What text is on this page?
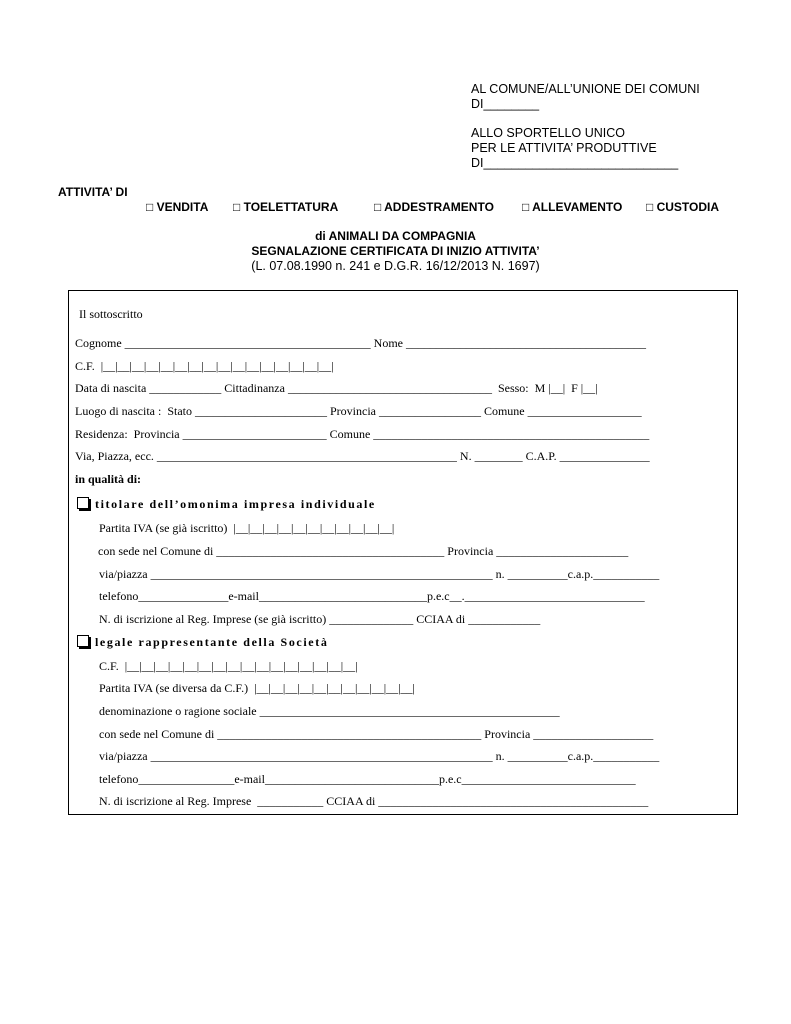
AL COMUNE/ALL’UNIONE DEI COMUNI
DI________
ALLO SPORTELLO UNICO
PER LE ATTIVITA’ PRODUTTIVE
DI____________________________
ATTIVITA’ DI
□ VENDITA □ TOELETTATURA	□ ADDESTRAMENTO □ ALLEVAMENTO □ CUSTODIA
di ANIMALI DA COMPAGNIA
SEGNALAZIONE CERTIFICATA DI INIZIO ATTIVITA’
(L. 07.08.1990 n. 241 e D.G.R. 16/12/2013 N. 1697)
Il sottoscritto
Cognome _________________________________________ Nome ________________________________________
C.F.  |__|__|__|__|__|__|__|__|__|__|__|__|__|__|__|__|
Data di nascita ____________ Cittadinanza __________________________________  Sesso:  M |__|  F |__|
Luogo di nascita :  Stato ______________________ Provincia _________________ Comune ___________________
Residenza:  Provincia ________________________ Comune ______________________________________________
Via, Piazza, ecc. __________________________________________________ N. ________ C.A.P. _______________
in qualità di:
titolare dell’omonima impresa individuale
Partita IVA (se già iscritto)  |__|__|__|__|__|__|__|__|__|__|__|
con sede nel Comune di ______________________________________ Provincia ______________________
via/piazza _________________________________________________________ n. __________c.a.p.___________
telefono_______________e-mail____________________________p.e.c__.______________________________
N. di iscrizione al Reg. Imprese (se già iscritto) ______________ CCIAA di ____________
legale rappresentante della Società
C.F.  |__|__|__|__|__|__|__|__|__|__|__|__|__|__|__|__|
Partita IVA (se diversa da C.F.)  |__|__|__|__|__|__|__|__|__|__|__|
denominazione o ragione sociale __________________________________________________
con sede nel Comune di ____________________________________________ Provincia ____________________
via/piazza _________________________________________________________ n. __________c.a.p.___________
telefono________________e-mail_____________________________p.e.c_____________________________
N. di iscrizione al Reg. Imprese  ___________ CCIAA di _____________________________________________
